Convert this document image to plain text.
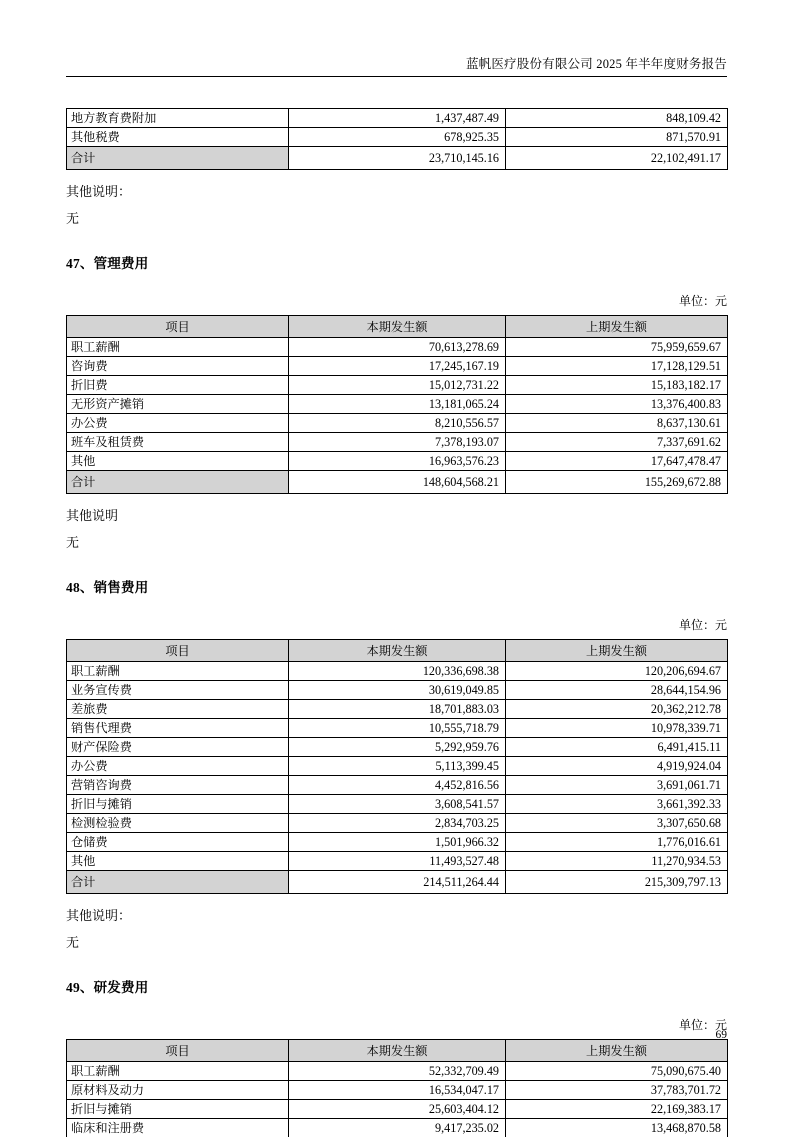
蓝帆医疗股份有限公司 2025 年半年度财务报告
地方教育费附加	1,437,487.49	848,109.42
其他税费	678,925.35	871,570.91
合计	23,710,145.16	22,102,491.17

其他说明：

无

47、管理费用

单位：元

项目	本期发生额	上期发生额
职工薪酬	70,613,278.69	75,959,659.67
咨询费	17,245,167.19	17,128,129.51
折旧费	15,012,731.22	15,183,182.17
无形资产摊销	13,181,065.24	13,376,400.83
办公费	8,210,556.57	8,637,130.61
班车及租赁费	7,378,193.07	7,337,691.62
其他	16,963,576.23	17,647,478.47
合计	148,604,568.21	155,269,672.88

其他说明

无

48、销售费用

单位：元

项目	本期发生额	上期发生额
职工薪酬	120,336,698.38	120,206,694.67
业务宣传费	30,619,049.85	28,644,154.96
差旅费	18,701,883.03	20,362,212.78
销售代理费	10,555,718.79	10,978,339.71
财产保险费	5,292,959.76	6,491,415.11
办公费	5,113,399.45	4,919,924.04
营销咨询费	4,452,816.56	3,691,061.71
折旧与摊销	3,608,541.57	3,661,392.33
检测检验费	2,834,703.25	3,307,650.68
仓储费	1,501,966.32	1,776,016.61
其他	11,493,527.48	11,270,934.53
合计	214,511,264.44	215,309,797.13

其他说明：

无

49、研发费用

单位：元

项目	本期发生额	上期发生额
职工薪酬	52,332,709.49	75,090,675.40
原材料及动力	16,534,047.17	37,783,701.72
折旧与摊销	25,603,404.12	22,169,383.17
临床和注册费	9,417,235.02	13,468,870.58
69
